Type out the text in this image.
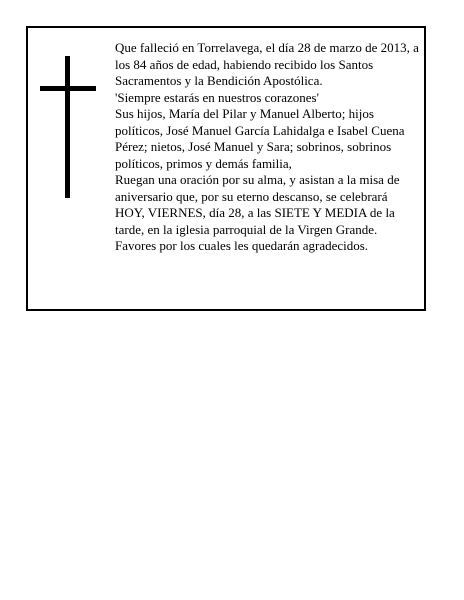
Que falleció en Torrelavega, el día 28 de marzo de 2013, a los 84 años de edad, habiendo recibido los Santos Sacramentos y la Bendición Apostólica.

'Siempre estarás en nuestros corazones'

Sus hijos, María del Pilar y Manuel Alberto; hijos políticos, José Manuel García Lahidalga e Isabel Cuena Pérez; nietos, José Manuel y Sara; sobrinos, sobrinos políticos, primos y demás familia,

Ruegan una oración por su alma, y asistan a la misa de aniversario que, por su eterno descanso, se celebrará HOY, VIERNES, día 28, a las SIETE Y MEDIA de la tarde, en la iglesia parroquial de la Virgen Grande.

Favores por los cuales les quedarán agradecidos.
